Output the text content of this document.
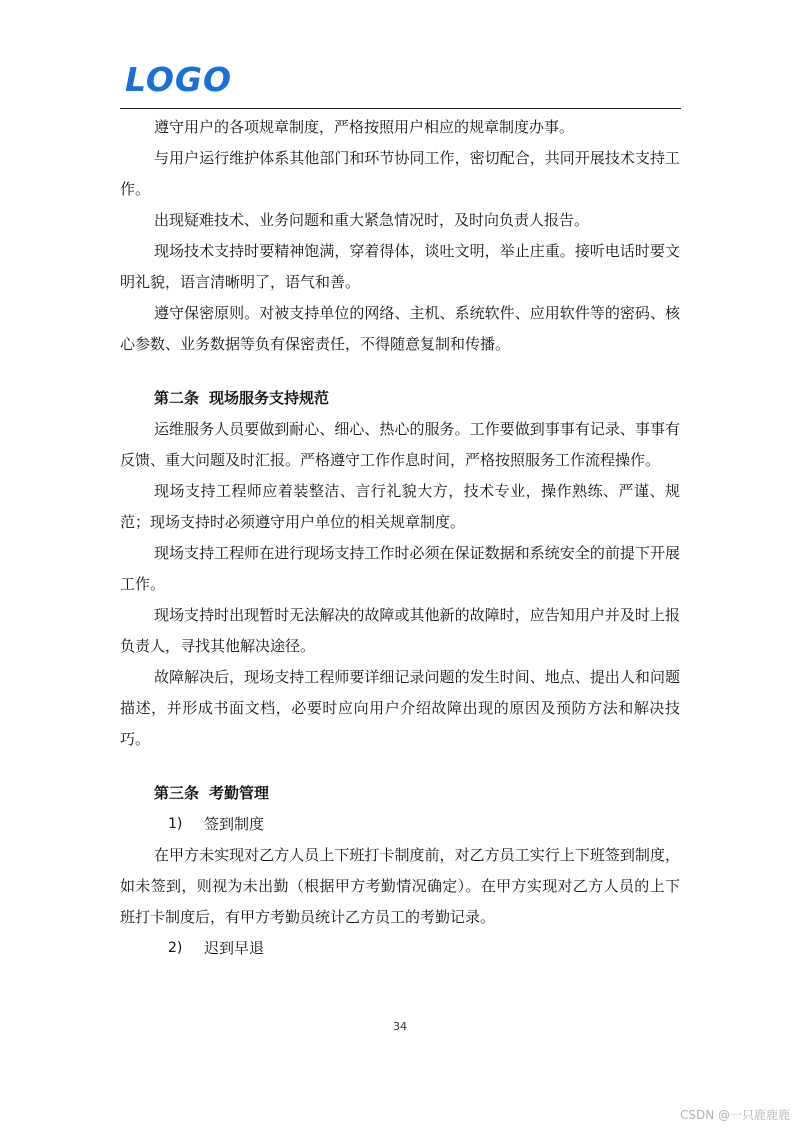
LOGO

遵守用户的各项规章制度，严格按照用户相应的规章制度办事。

与用户运行维护体系其他部门和环节协同工作，密切配合，共同开展技术支持工作。

出现疑难技术、业务问题和重大紧急情况时，及时向负责人报告。

现场技术支持时要精神饱满，穿着得体，谈吐文明，举止庄重。接听电话时要文明礼貌，语言清晰明了，语气和善。

遵守保密原则。对被支持单位的网络、主机、系统软件、应用软件等的密码、核心参数、业务数据等负有保密责任，不得随意复制和传播。

第二条 现场服务支持规范

运维服务人员要做到耐心、细心、热心的服务。工作要做到事事有记录、事事有反馈、重大问题及时汇报。严格遵守工作作息时间，严格按照服务工作流程操作。

现场支持工程师应着装整洁、言行礼貌大方，技术专业，操作熟练、严谨、规范；现场支持时必须遵守用户单位的相关规章制度。

现场支持工程师在进行现场支持工作时必须在保证数据和系统安全的前提下开展工作。

现场支持时出现暂时无法解决的故障或其他新的故障时，应告知用户并及时上报负责人，寻找其他解决途径。

故障解决后，现场支持工程师要详细记录问题的发生时间、地点、提出人和问题描述，并形成书面文档，必要时应向用户介绍故障出现的原因及预防方法和解决技巧。

第三条 考勤管理

1)	签到制度

在甲方未实现对乙方人员上下班打卡制度前，对乙方员工实行上下班签到制度，如未签到，则视为未出勤（根据甲方考勤情况确定）。在甲方实现对乙方人员的上下班打卡制度后，有甲方考勤员统计乙方员工的考勤记录。

2)	迟到早退

34
CSDN @一只鹿鹿鹿
